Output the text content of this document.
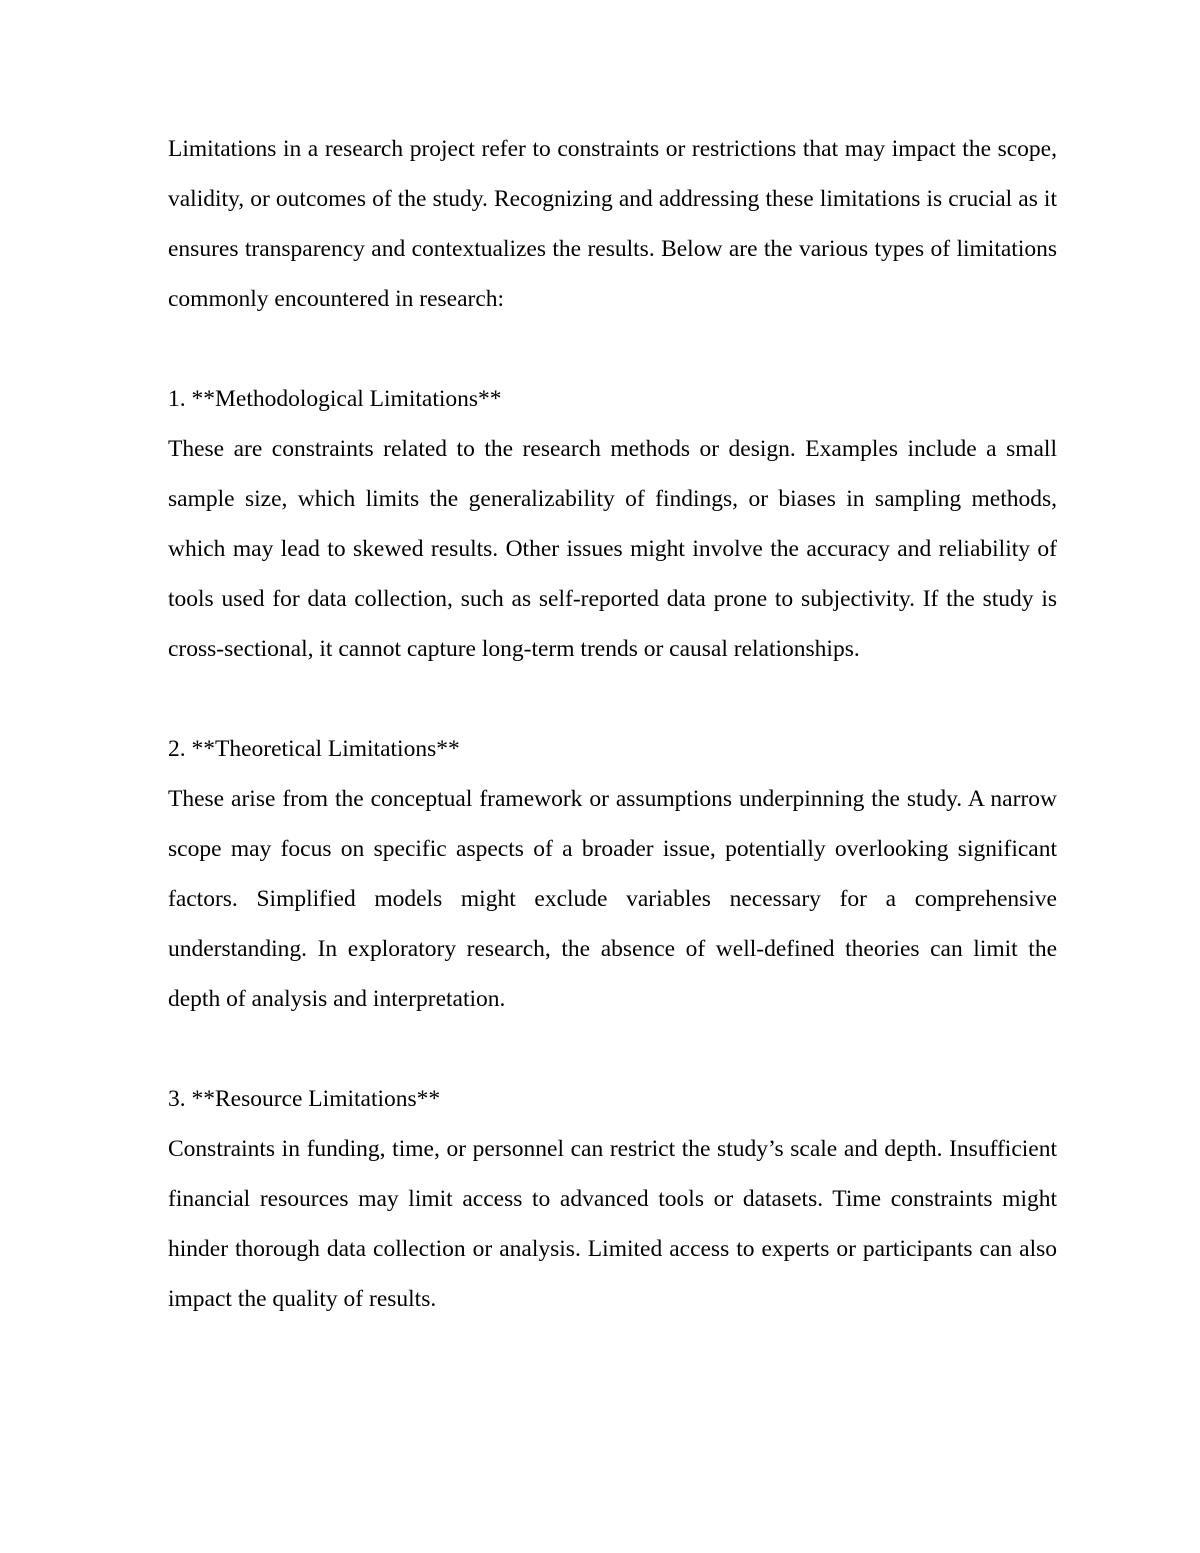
Limitations in a research project refer to constraints or restrictions that may impact the scope, validity, or outcomes of the study. Recognizing and addressing these limitations is crucial as it ensures transparency and contextualizes the results. Below are the various types of limitations commonly encountered in research:

1. **Methodological Limitations**

These are constraints related to the research methods or design. Examples include a small sample size, which limits the generalizability of findings, or biases in sampling methods, which may lead to skewed results. Other issues might involve the accuracy and reliability of tools used for data collection, such as self-reported data prone to subjectivity. If the study is cross-sectional, it cannot capture long-term trends or causal relationships.

2. **Theoretical Limitations**

These arise from the conceptual framework or assumptions underpinning the study. A narrow scope may focus on specific aspects of a broader issue, potentially overlooking significant factors. Simplified models might exclude variables necessary for a comprehensive understanding. In exploratory research, the absence of well-defined theories can limit the depth of analysis and interpretation.

3. **Resource Limitations**

Constraints in funding, time, or personnel can restrict the study’s scale and depth. Insufficient financial resources may limit access to advanced tools or datasets. Time constraints might hinder thorough data collection or analysis. Limited access to experts or participants can also impact the quality of results.
